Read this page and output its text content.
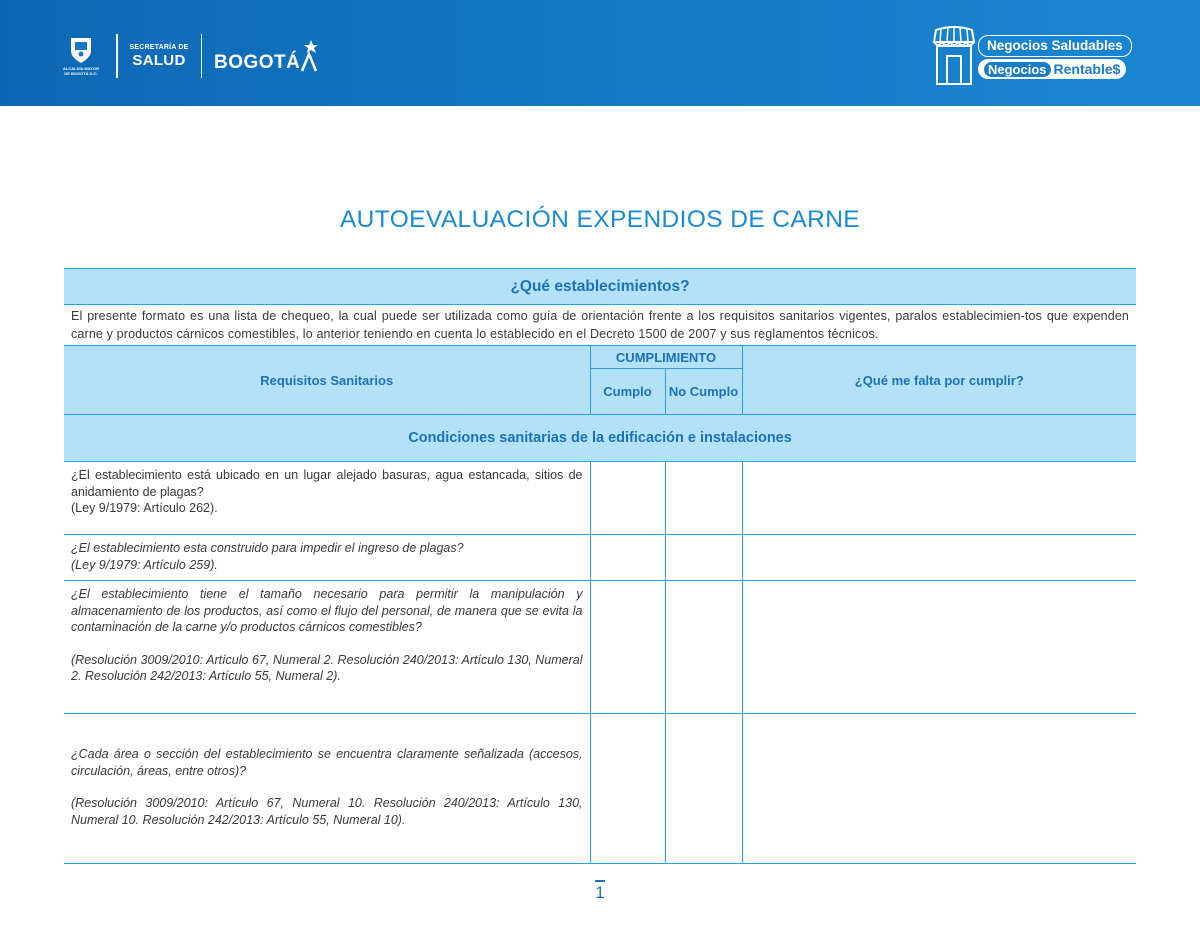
ALCALDÍA MAYOR
DE BOGOTÁ D.C.
SECRETARÍA DE
SALUD BOGOTÁ
Negocios Saludables
Negocios Rentable$
AUTOEVALUACIÓN EXPENDIOS DE CARNE
¿Qué establecimientos?			
El presente formato es una lista de chequeo, la cual puede ser utilizada como guía de orientación frente a los requisitos sanitarios vigentes, paralos establecimien-tos que expenden carne y productos cárnicos comestibles, lo anterior teniendo en cuenta lo establecido en el Decreto 1500 de 2007 y sus reglamentos técnicos.			
Requisitos Sanitarios	CUMPLIMIENTO		¿Qué me falta por cumplir?
	Cumplo	No Cumplo	
Condiciones sanitarias de la edificación e instalaciones			

¿El establecimiento está ubicado en un lugar alejado basuras, agua estancada, sitios de anidamiento de plagas?

(Ley 9/1979: Artículo 262).			

¿El establecimiento esta construido para impedir el ingreso de plagas?

(Ley 9/1979: Artículo 259).			

¿El establecimiento tiene el tamaño necesario para permitir la manipulación y almacenamiento de los productos, así como el flujo del personal, de manera que se evita la contaminación de la carne y/o productos cárnicos comestibles?

(Resolución 3009/2010: Artículo 67, Numeral 2. Resolución 240/2013: Artículo 130, Numeral 2. Resolución 242/2013: Artículo 55, Numeral 2).			

¿Cada área o sección del establecimiento se encuentra claramente señalizada (accesos, circulación, áreas, entre otros)?

(Resolución 3009/2010: Artículo 67, Numeral 10. Resolución 240/2013: Artículo 130, Numeral 10. Resolución 242/2013: Artículo 55, Numeral 10).			

1
